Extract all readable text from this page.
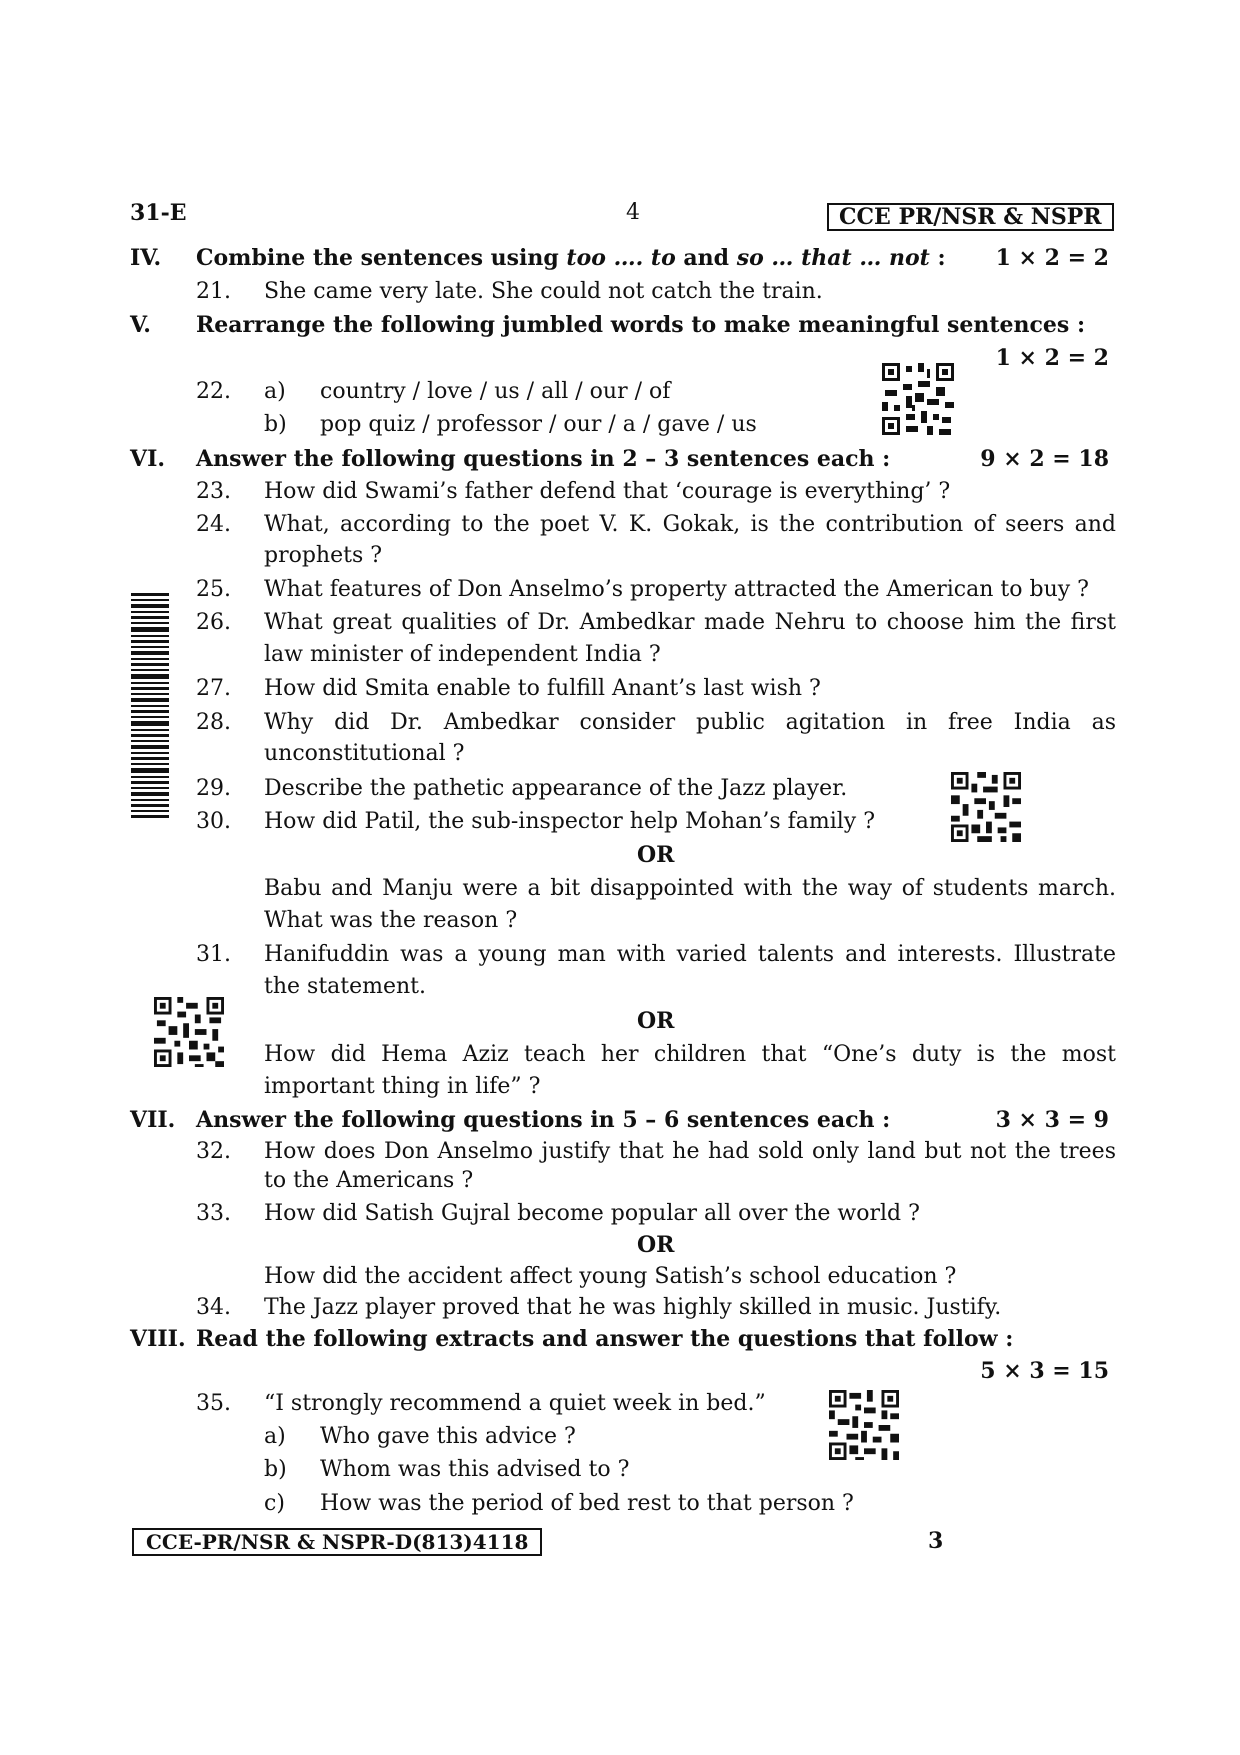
31-E	4	CCE PR/NSR & NSPR
IV. Combine the sentences using too …. to and so … that … not : 1 × 2 = 2
21. She came very late. She could not catch the train.
V. Rearrange the following jumbled words to make meaningful sentences :
1 × 2 = 2
22. a) country / love / us / all / our / of
b) pop quiz / professor / our / a / gave / us
VI. Answer the following questions in 2 – 3 sentences each :	9 × 2 = 18
23. How did Swami’s father defend that ‘courage is everything’ ?
24. What, according to the poet V. K. Gokak, is the contribution of seers and
prophets ?
25. What features of Don Anselmo’s property attracted the American to buy ?
26. What great qualities of Dr. Ambedkar made Nehru to choose him the first
law minister of independent India ?
27. How did Smita enable to fulfill Anant’s last wish ?
28. Why did Dr. Ambedkar consider public agitation in free India as
unconstitutional ?
29. Describe the pathetic appearance of the Jazz player.
30. How did Patil, the sub-inspector help Mohan’s family ?
OR
Babu and Manju were a bit disappointed with the way of students march.
What was the reason ?
31. Hanifuddin was a young man with varied talents and interests. Illustrate
the statement.
OR
How did Hema Aziz teach her children that “One’s duty is the most
important thing in life” ?
VII. Answer the following questions in 5 – 6 sentences each :	3 × 3 = 9
32. How does Don Anselmo justify that he had sold only land but not the trees
to the Americans ?
33. How did Satish Gujral become popular all over the world ?
OR
How did the accident affect young Satish’s school education ?
34. The Jazz player proved that he was highly skilled in music. Justify.
VIII. Read the following extracts and answer the questions that follow :
5 × 3 = 15
35. “I strongly recommend a quiet week in bed.”
a) Who gave this advice ?
b) Whom was this advised to ?
c) How was the period of bed rest to that person ?
CCE-PR/NSR & NSPR-D(813)4118	3
